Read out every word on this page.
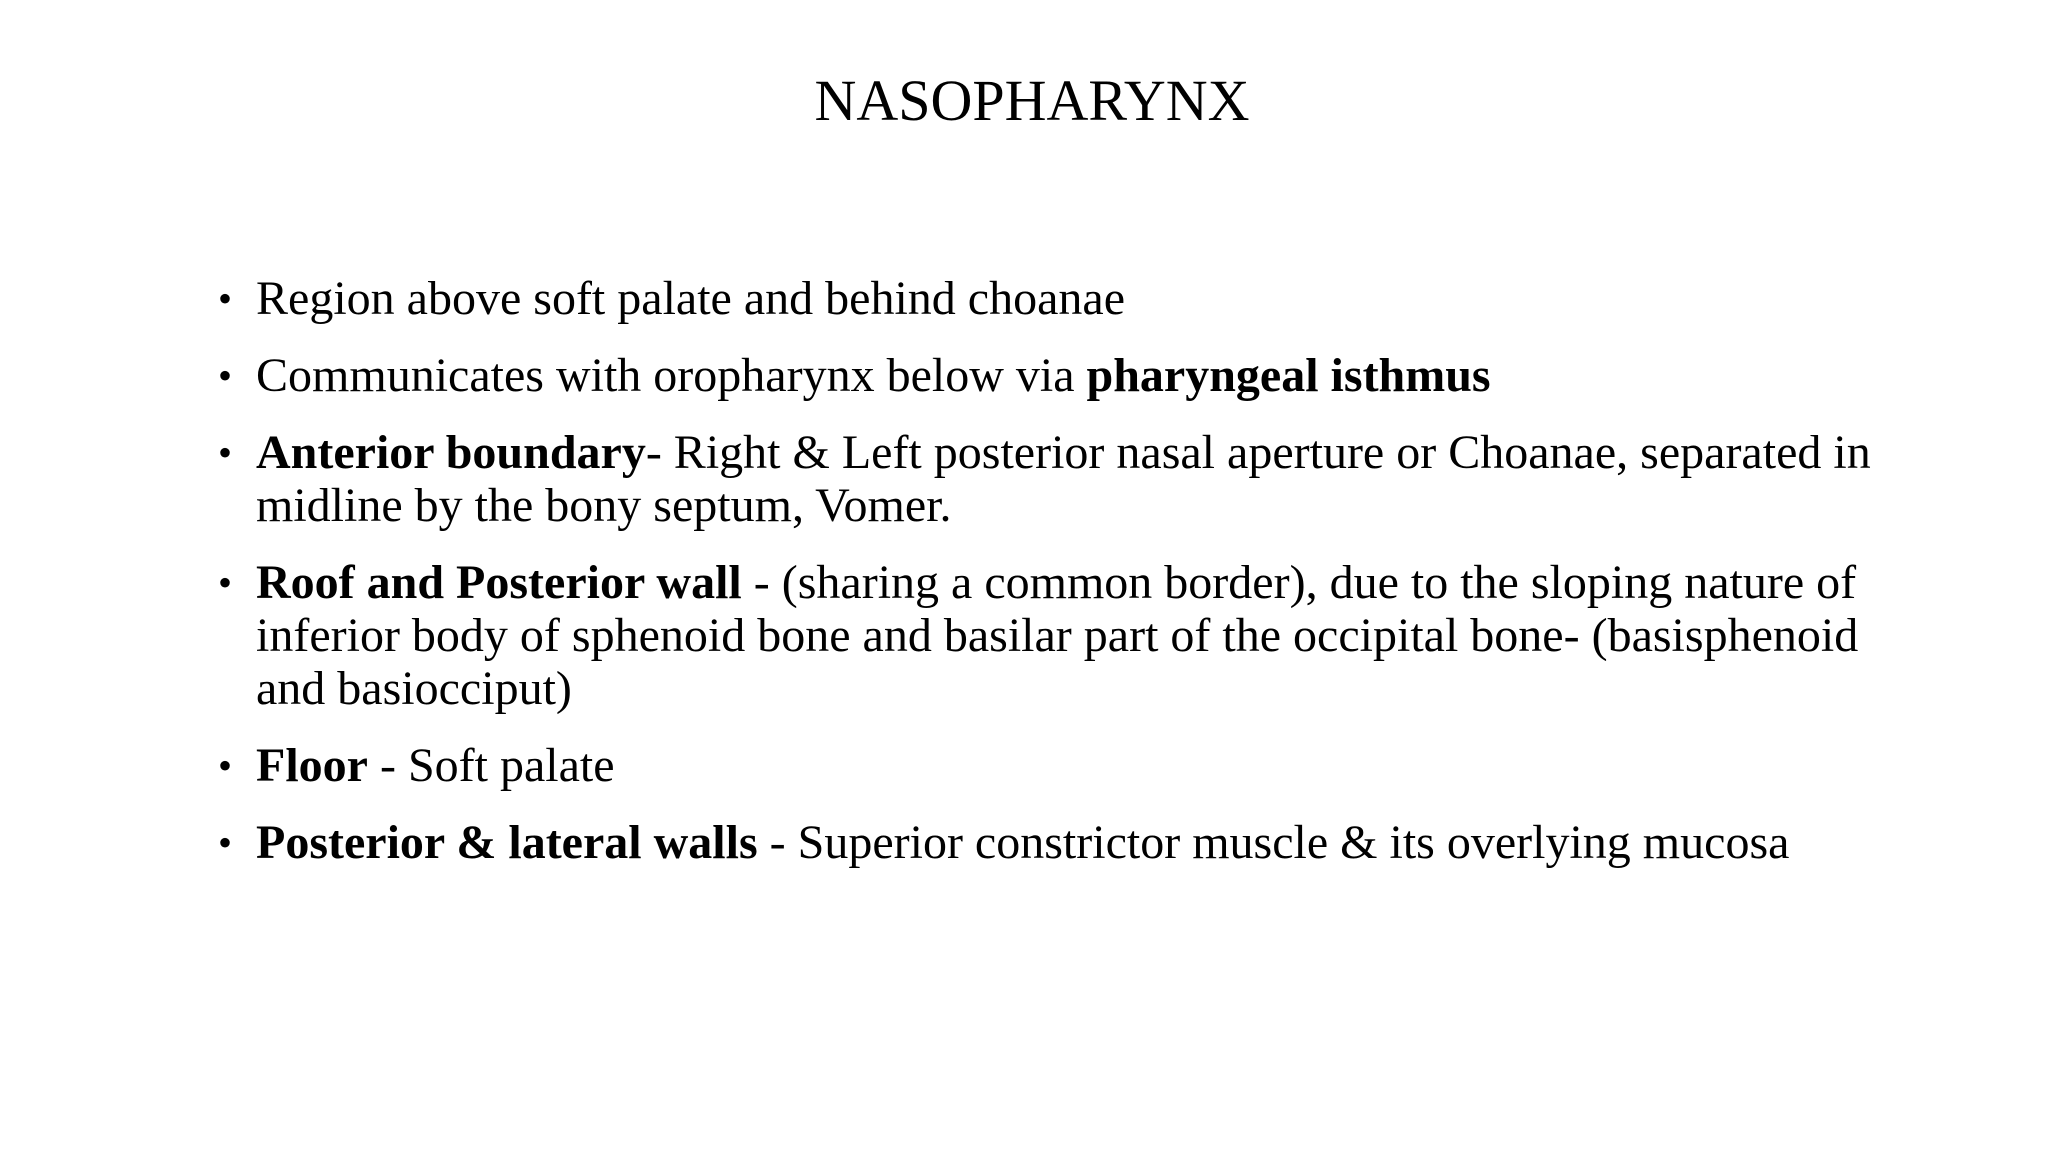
NASOPHARYNX
• Region above soft palate and behind choanae
• Communicates with oropharynx below via pharyngeal isthmus
• Anterior boundary- Right & Left posterior nasal aperture or Choanae, separated in midline by the bony septum, Vomer.
• Roof and Posterior wall - (sharing a common border), due to the sloping nature of inferior body of sphenoid bone and basilar part of the occipital bone- (basisphenoid and basiocciput)
• Floor - Soft palate
• Posterior & lateral walls - Superior constrictor muscle & its overlying mucosa
